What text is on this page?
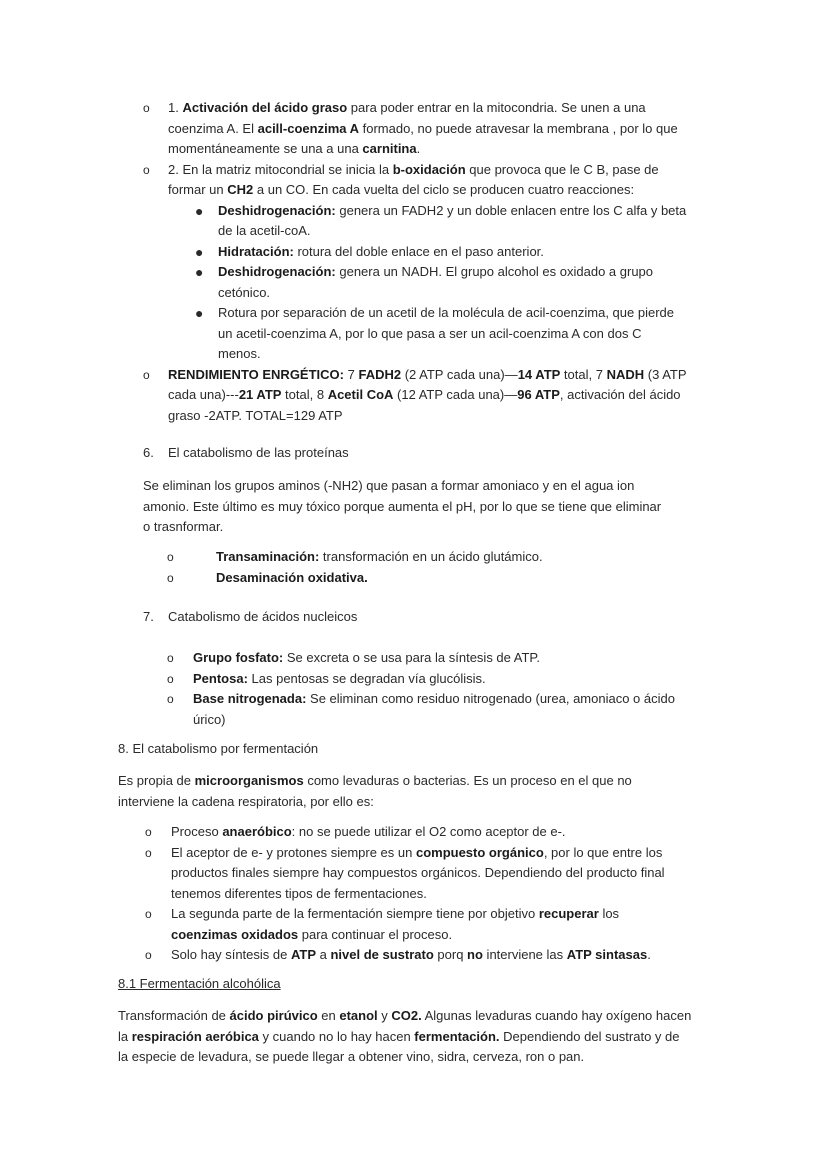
o 1. Activación del ácido graso para poder entrar en la mitocondria. Se unen a una
coenzima A. El acill-coenzima A formado, no puede atravesar la membrana , por lo que
momentáneamente se una a una carnitina.
o 2. En la matriz mitocondrial se inicia la b-oxidación que provoca que le C B, pase de
formar un CH2 a un CO. En cada vuelta del ciclo se producen cuatro reacciones:
● Deshidrogenación: genera un FADH2 y un doble enlacen entre los C alfa y beta
de la acetil-coA.
● Hidratación: rotura del doble enlace en el paso anterior.
● Deshidrogenación: genera un NADH. El grupo alcohol es oxidado a grupo
cetónico.
● Rotura por separación de un acetil de la molécula de acil-coenzima, que pierde
un acetil-coenzima A, por lo que pasa a ser un acil-coenzima A con dos C
menos.
o RENDIMIENTO ENRGÉTICO: 7 FADH2 (2 ATP cada una)—14 ATP total, 7 NADH (3 ATP
cada una)---21 ATP total, 8 Acetil CoA (12 ATP cada una)—96 ATP, activación del ácido
graso -2ATP. TOTAL=129 ATP
6. El catabolismo de las proteínas
Se eliminan los grupos aminos (-NH2) que pasan a formar amoniaco y en el agua ion
amonio. Este último es muy tóxico porque aumenta el pH, por lo que se tiene que eliminar
o trasnformar.
o	Transaminación: transformación en un ácido glutámico.
o	Desaminación oxidativa.
7. Catabolismo de ácidos nucleicos
o Grupo fosfato: Se excreta o se usa para la síntesis de ATP.
o Pentosa: Las pentosas se degradan vía glucólisis.
o Base nitrogenada: Se eliminan como residuo nitrogenado (urea, amoniaco o ácido
úrico)
8. El catabolismo por fermentación
Es propia de microorganismos como levaduras o bacterias. Es un proceso en el que no
interviene la cadena respiratoria, por ello es:
o Proceso anaeróbico: no se puede utilizar el O2 como aceptor de e-.
o El aceptor de e- y protones siempre es un compuesto orgánico, por lo que entre los
productos finales siempre hay compuestos orgánicos. Dependiendo del producto final
tenemos diferentes tipos de fermentaciones.
o La segunda parte de la fermentación siempre tiene por objetivo recuperar los
coenzimas oxidados para continuar el proceso.
o Solo hay síntesis de ATP a nivel de sustrato porq no interviene las ATP sintasas.
8.1 Fermentación alcohólica
Transformación de ácido pirúvico en etanol y CO2. Algunas levaduras cuando hay oxígeno hacen
la respiración aeróbica y cuando no lo hay hacen fermentación. Dependiendo del sustrato y de
la especie de levadura, se puede llegar a obtener vino, sidra, cerveza, ron o pan.
